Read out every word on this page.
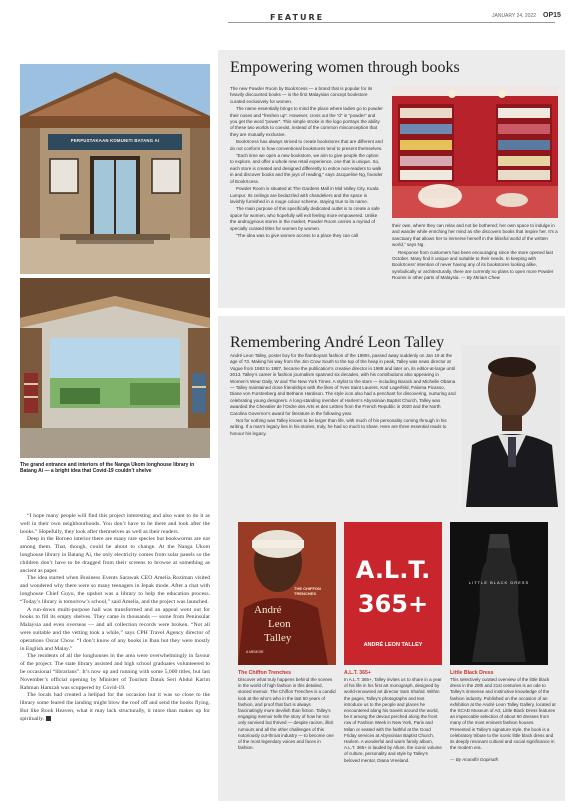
FEATURE	JANUARY 24, 2022 OP15
PERPUSTAKAAN KOMUNITI BATANG AI
The grand entrance and interiors of the Nanga Ukom longhouse library in Batang Ai — a bright idea that Covid-19 couldn’t shelve

“I hope many people will find this project interesting and also want to do it as well in their own neighbourhoods. You don’t have to be there and look after the books.” Hopefully, they look after themselves as well as their readers.

Deep in the Borneo interior there are many rare species but bookworms are not among them. That, though, could be about to change. At the Nanga Ukom longhouse library in Batang Ai, the only electricity comes from solar panels so the children don’t have to be dragged from their screens to browse at something as ancient as paper.

The idea started when Business Events Sarawak CEO Amelia Roziman visited and wondered why there were so many teenagers in Jepak mode. After a chat with longhouse Chief Guyu, the upshot was a library to help the education process. “Today’s library is tomorrow’s school,” said Amelia, and the project was launched.

A run-down multi-purpose hall was transformed and an appeal went out for books to fill its empty shelves. They came in thousands — some from Peninsular Malaysia and even overseas — and all collection records were broken. “Not all were suitable and the vetting took a while,” says CPH Travel Agency director of operations Oscar Chow. “I don’t know of any books in Iban but they were mostly in English and Malay.”

The residents of all the longhouses in the area were overwhelmingly in favour of the project. The state library assisted and high school graduates volunteered to be occasional “librarians”. It’s now up and running with some 5,000 titles, but last November’s official opening by Minister of Tourism Datuk Seri Abdul Karim Rahman Hamzah was scuppered by Covid-19.

The locals had created a helipad for the occasion but it was so close to the library some feared the landing might blow the roof off and send the books flying. But like Book Heaven, what it may lack structurally, it more than makes up for spiritually.

Empowering women through books

The new Powder Room by BookXcess — a brand that is popular for its heavily discounted books — is the first Malaysian concept bookstore curated exclusively for women.

The name essentially brings to mind the place where ladies go to powder their noses and “freshen up”. However, cross out the “d” in “powder” and you get the word “power”. This simple stroke in the logo portrays the ability of these two worlds to coexist, instead of the common misconception that they are mutually exclusive.

BookXcess has always strived to create bookstores that are different and do not conform to how conventional bookstores tend to present themselves.

“Each time we open a new bookstore, we aim to give people the option to explore, and offer a whole new retail experience, one that is unique. So, each store is created and designed differently to entice non-readers to walk in and discover books and the joys of reading,” says Jacqueline Ng, founder of BookXcess.

Powder Room is situated at The Gardens Mall in Mid Valley City, Kuala Lumpur. Its ceilings are bedazzled with chandeliers and the space is lavishly furnished in a rouge colour scheme, staying true to its name.

The main purpose of this specifically dedicated outlet is to create a safe space for women, who hopefully will exit feeling more empowered. Unlike the androgynous stores in the market, Powder Room carries a myriad of specially curated titles for women by women.

“The idea was to give women access to a place they can call

their own, where they can relax and not be bothered; her own space to indulge in and wander while enriching her mind as she discovers books that inspire her. It’s a sanctuary that allows her to immerse herself in the blissful world of the written world,” says Ng.

Response from customers has been encouraging since the store opened last October. Many find it unique and suitable to their needs. In keeping with BookXcess’ intention of never having any of its bookstores looking alike, symbolically or architecturally, there are currently no plans to open more Powder Rooms in other parts of Malaysia. — By Miriam Chew

Remembering André Leon Talley

André Leon Talley, poster boy for the flamboyant fashion of the 1980s, passed away suddenly on Jan 19 at the age of 73. Making his way from the Jim Crow South to the top of the heap in peak, Talley was news director at Vogue from 1983 to 1987, became the publication’s creative director in 1988 and later on, its editor-at-large until 2013. Talley’s career in fashion journalism spanned six decades, with his contributions also appearing in Women’s Wear Daily, W and The New York Times. A stylist to the stars — including Barack and Michelle Obama — Talley maintained close friendships with the likes of Yves Saint Laurent, Karl Lagerfeld, Paloma Picasso, Diane von Furstenberg and Bethann Hardison. The style icon also had a penchant for discovering, nurturing and celebrating young designers. A long-standing member of Harlem’s Abyssinian Baptist Church, Talley was awarded the Chevalier de l’Ordre des Arts et des Lettres from the French Republic in 2020 and the North Carolina Governor’s award for literature in the following year.

Not for nothing was Talley known to be larger than life, with much of his personality coming through in his writing. If a man’s legacy lies in his stories, truly, he had so much to share. Here are three essential reads to honour his legacy.

THE CHIFFON TRENCHES
André
Leon
Talley
A MEMOIR
A.L.T.
365+
ANDRÉ LEON TALLEY
LITTLE BLACK DRESS
The Chiffon Trenches
Discover what truly happens behind the scenes in the world of high fashion in this detailed, storied memoir. The Chiffon Trenches is a candid look at the who’s who in the last 50 years of fashion, and proof that fact is always fascinatingly more devilish than fiction. Talley’s engaging memoir tells the story of how he not only survived but thrived — despite racism, illicit rumours and all the other challenges of this notoriously cut-throat industry — to become one of the most legendary voices and faces in fashion.
A.L.T. 365+
In A.L.T. 365+, Talley invites us to share in a year of his life in his first art monograph, designed by world-renowned art director Sam Shahid. Within the pages, Talley’s photographs and text introduce us to the people and places he encountered along his travels around the world, be it among the devout perched along the front row of Fashion Week in New York, Paris and Milan or seated with the faithful at the Good Friday services at Abyssinian Baptist Church, Harlem. A wonderful and warm family album, A.L.T. 365+ is lauded by Allure, the iconic volume of culture, personality and style by Talley’s beloved mentor, Diana Vreeland.
Little Black Dress
This selectively curated overview of the little black dress in the 20th and 21st centuries is an ode to Talley’s immense and instinctive knowledge of the fashion industry. Published on the occasion of an exhibition at the André Leon Talley Gallery, located at the SCAD Museum of Art, Little Black Dress features an impeccable selection of about 60 dresses from many of the most eminent fashion houses. Presented in Talley’s signature style, the book is a celebratory tribute to the iconic little black dress and its deeply resonant cultural and social significance in the modern era.
— By Anandhi Gopinath
